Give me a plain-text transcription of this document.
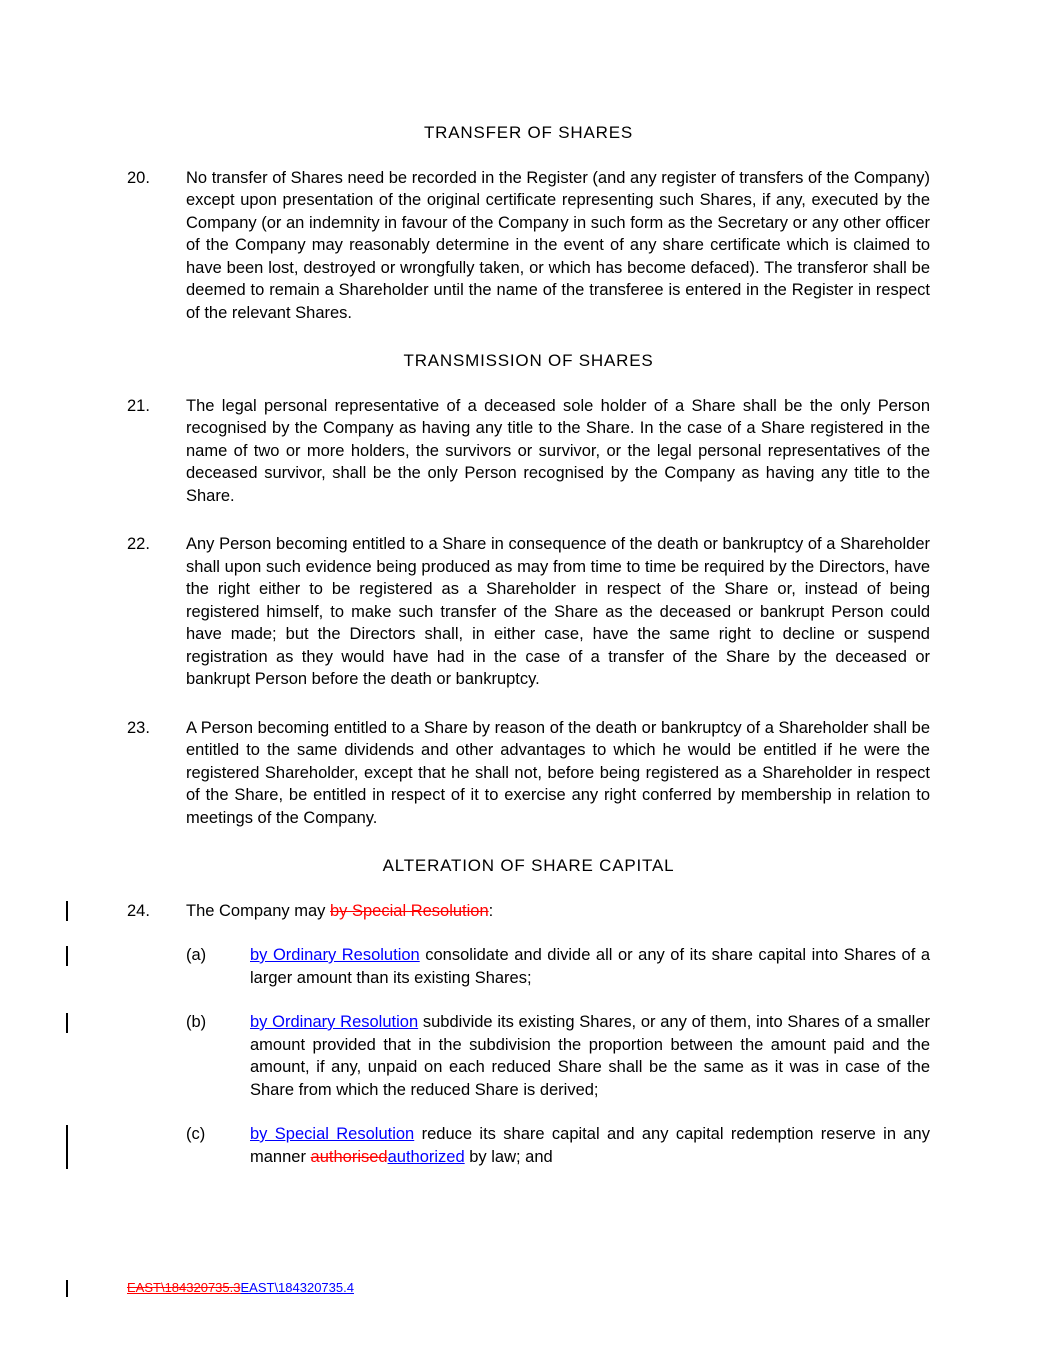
TRANSFER OF SHARES
20.	No transfer of Shares need be recorded in the Register (and any register of transfers of the Company) except upon presentation of the original certificate representing such Shares, if any, executed by the Company (or an indemnity in favour of the Company in such form as the Secretary or any other officer of the Company may reasonably determine in the event of any share certificate which is claimed to have been lost, destroyed or wrongfully taken, or which has become defaced). The transferor shall be deemed to remain a Shareholder until the name of the transferee is entered in the Register in respect of the relevant Shares.
TRANSMISSION OF SHARES
21.	The legal personal representative of a deceased sole holder of a Share shall be the only Person recognised by the Company as having any title to the Share. In the case of a Share registered in the name of two or more holders, the survivors or survivor, or the legal personal representatives of the deceased survivor, shall be the only Person recognised by the Company as having any title to the Share.
22.	Any Person becoming entitled to a Share in consequence of the death or bankruptcy of a Shareholder shall upon such evidence being produced as may from time to time be required by the Directors, have the right either to be registered as a Shareholder in respect of the Share or, instead of being registered himself, to make such transfer of the Share as the deceased or bankrupt Person could have made; but the Directors shall, in either case, have the same right to decline or suspend registration as they would have had in the case of a transfer of the Share by the deceased or bankrupt Person before the death or bankruptcy.
23.	A Person becoming entitled to a Share by reason of the death or bankruptcy of a Shareholder shall be entitled to the same dividends and other advantages to which he would be entitled if he were the registered Shareholder, except that he shall not, before being registered as a Shareholder in respect of the Share, be entitled in respect of it to exercise any right conferred by membership in relation to meetings of the Company.
ALTERATION OF SHARE CAPITAL
24.	The Company may by Special Resolution:
(a)	by Ordinary Resolution consolidate and divide all or any of its share capital into Shares of a larger amount than its existing Shares;
(b)	by Ordinary Resolution subdivide its existing Shares, or any of them, into Shares of a smaller amount provided that in the subdivision the proportion between the amount paid and the amount, if any, unpaid on each reduced Share shall be the same as it was in case of the Share from which the reduced Share is derived;
(c)	by Special Resolution reduce its share capital and any capital redemption reserve in any manner authorisedauthorized by law; and
EAST\184320735.3EAST\184320735.4
